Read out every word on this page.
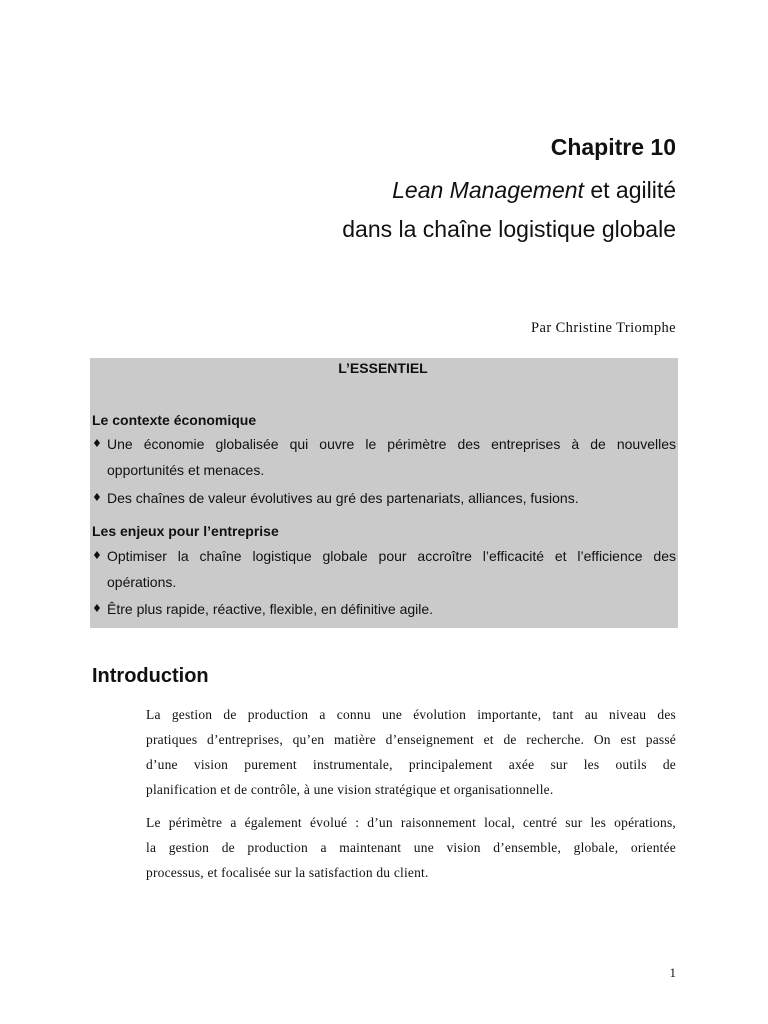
Chapitre 10
Lean Management et agilité
dans la chaîne logistique globale
Par Christine Triomphe
L’ESSENTIEL
Le contexte économique
♦ Une économie globalisée qui ouvre le périmètre des entreprises à de nouvelles
opportunités et menaces.
♦ Des chaînes de valeur évolutives au gré des partenariats, alliances, fusions.
Les enjeux pour l’entreprise
♦ Optimiser la chaîne logistique globale pour accroître l’efficacité et l’efficience des
opérations.
♦ Être plus rapide, réactive, flexible, en définitive agile.
Introduction
La gestion de production a connu une évolution importante, tant au niveau des
pratiques d’entreprises, qu’en matière d’enseignement et de recherche. On est passé
d’une vision purement instrumentale, principalement axée sur les outils de
planification et de contrôle, à une vision stratégique et organisationnelle.
Le périmètre a également évolué : d’un raisonnement local, centré sur les opérations,
la gestion de production a maintenant une vision d’ensemble, globale, orientée
processus, et focalisée sur la satisfaction du client.
1
